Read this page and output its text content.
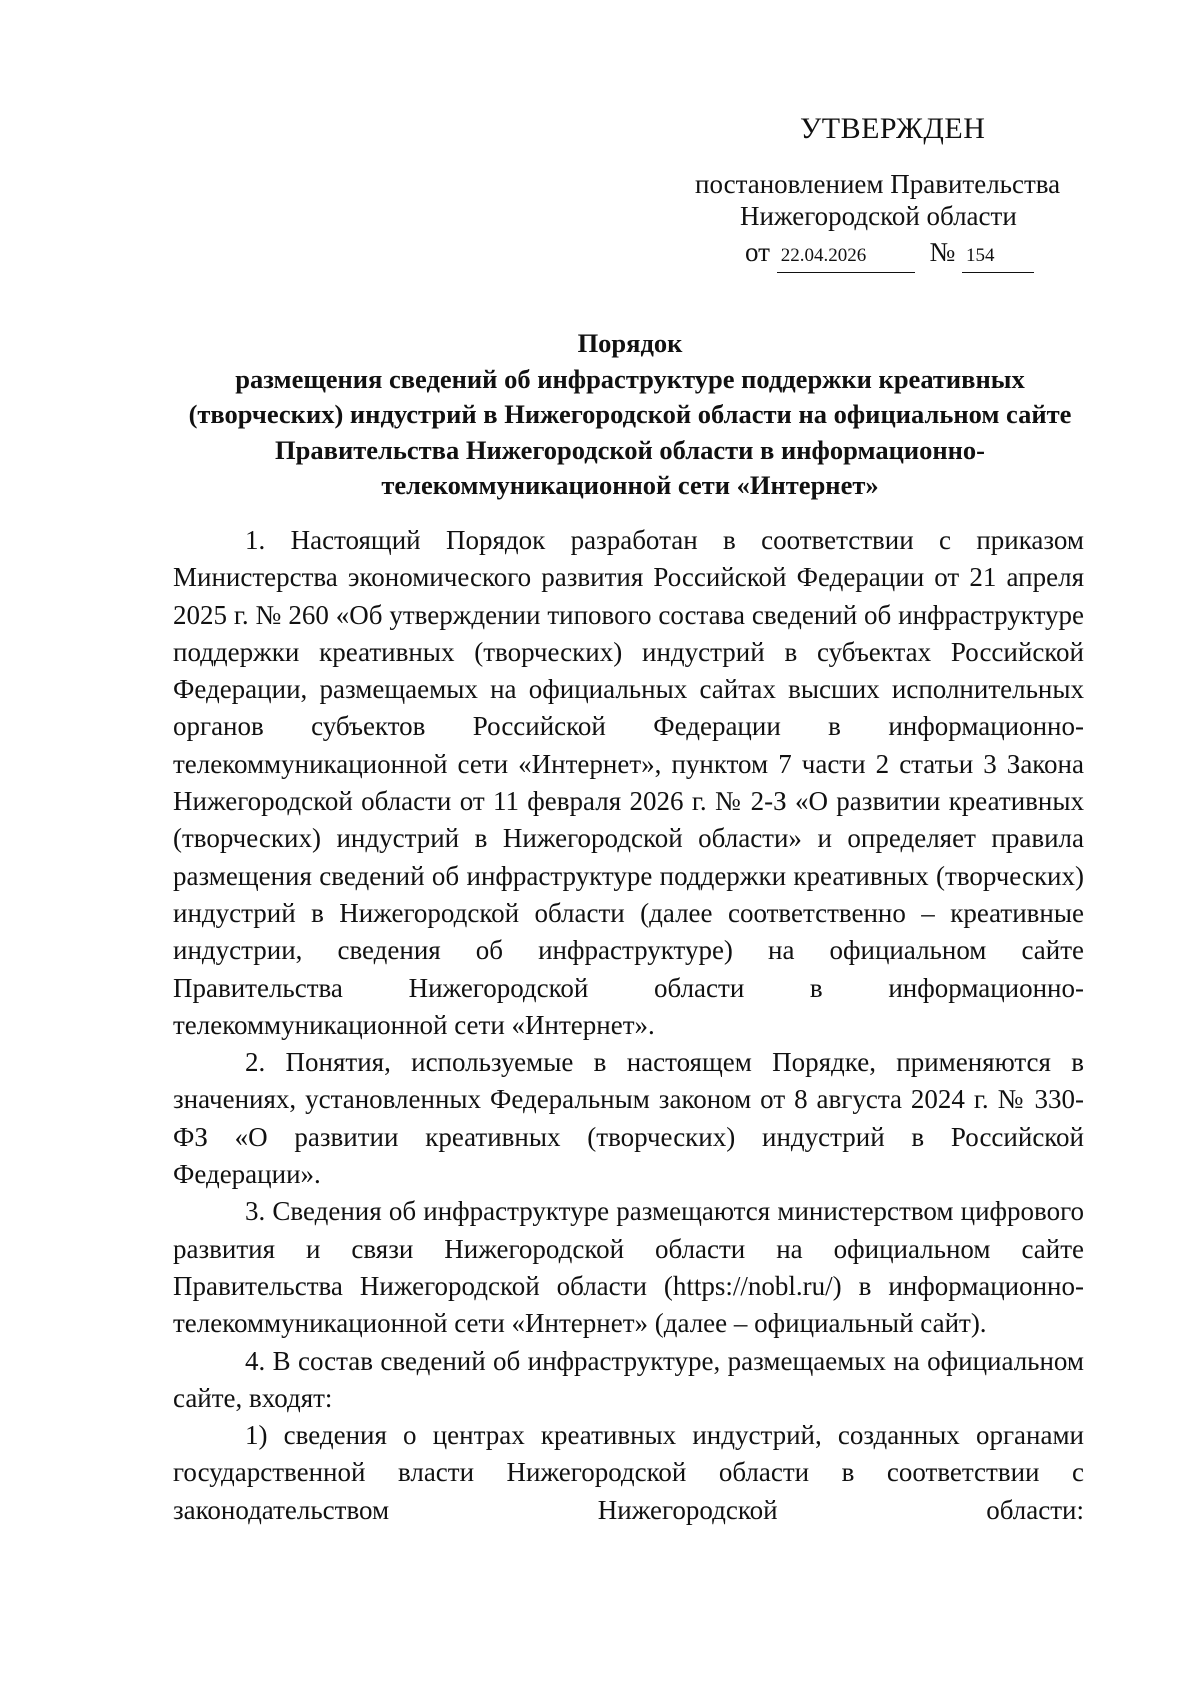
УТВЕРЖДЕН
постановлением Правительства
Нижегородской области
от 22.04.2026 № 154
Порядок
размещения сведений об инфраструктуре поддержки креативных (творческих) индустрий в Нижегородской области на официальном сайте Правительства Нижегородской области в информационно-телекоммуникационной сети «Интернет»

1. Настоящий Порядок разработан в соответствии с приказом Министерства экономического развития Российской Федерации от 21 апреля 2025 г. № 260 «Об утверждении типового состава сведений об инфраструктуре поддержки креативных (творческих) индустрий в субъектах Российской Федерации, размещаемых на официальных сайтах высших исполнительных органов субъектов Российской Федерации в информационно-телекоммуникационной сети «Интернет», пунктом 7 части 2 статьи 3 Закона Нижегородской области от 11 февраля 2026 г. № 2-З «О развитии креативных (творческих) индустрий в Нижегородской области» и определяет правила размещения сведений об инфраструктуре поддержки креативных (творческих) индустрий в Нижегородской области (далее соответственно – креативные индустрии, сведения об инфраструктуре) на официальном сайте Правительства Нижегородской области в информационно-телекоммуникационной сети «Интернет».

2. Понятия, используемые в настоящем Порядке, применяются в значениях, установленных Федеральным законом от 8 августа 2024 г. № 330-ФЗ «О развитии креативных (творческих) индустрий в Российской Федерации».

3. Сведения об инфраструктуре размещаются министерством цифрового развития и связи Нижегородской области на официальном сайте Правительства Нижегородской области (https://nobl.ru/) в информационно-телекоммуникационной сети «Интернет» (далее – официальный сайт).

4. В состав сведений об инфраструктуре, размещаемых на официальном сайте, входят:

1) сведения о центрах креативных индустрий, созданных органами государственной власти Нижегородской области в соответствии с законодательством Нижегородской области:
